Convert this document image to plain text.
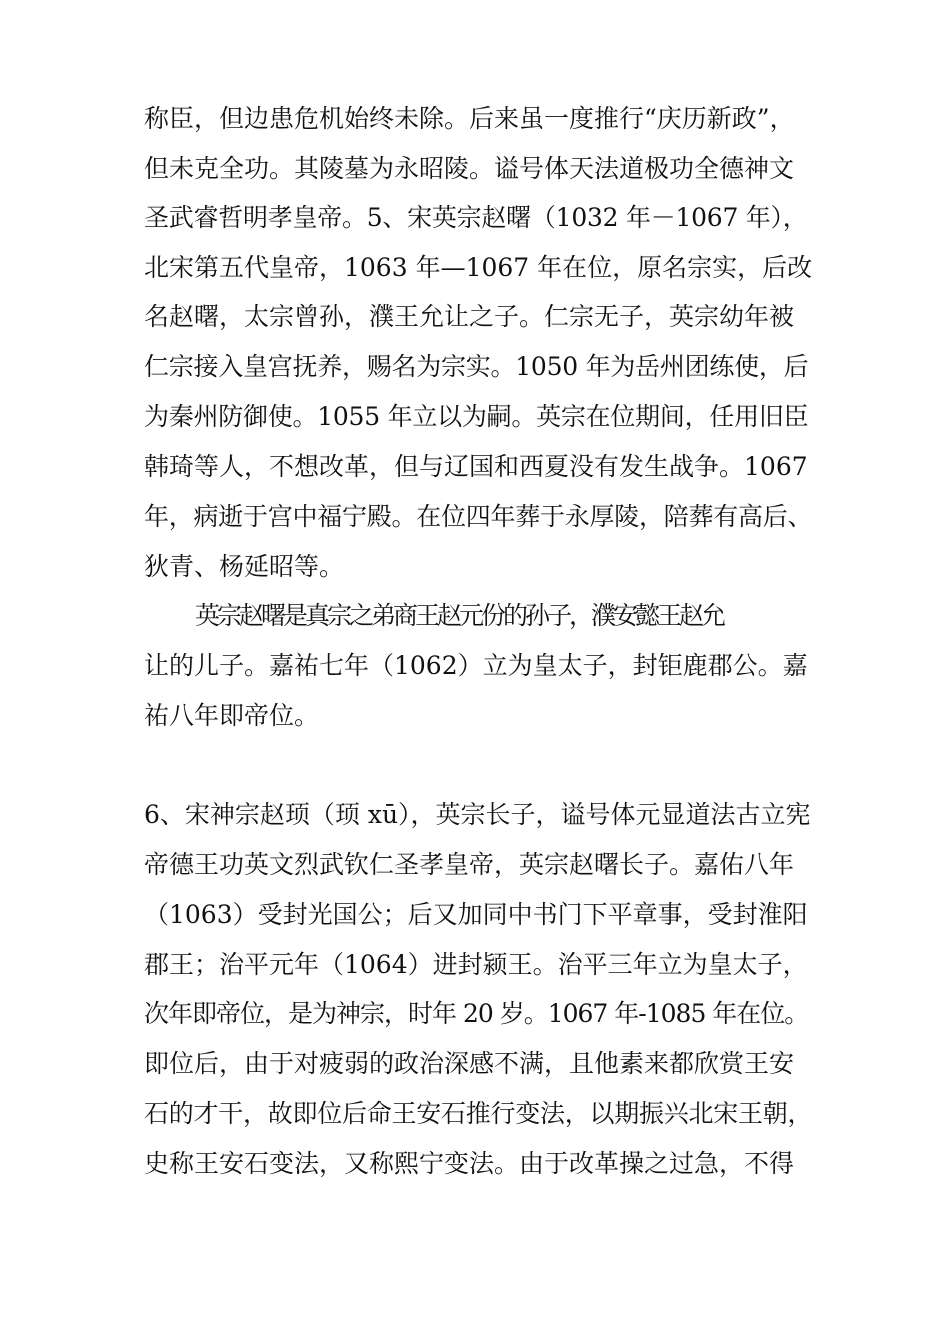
称臣，但边患危机始终未除。后来虽一度推行“庆历新政”，
但未克全功。其陵墓为永昭陵。谥号体天法道极功全德神文
圣武睿哲明孝皇帝。5、宋英宗赵曙（1032 年－1067 年），
北宋第五代皇帝，1063 年—1067 年在位，原名宗实，后改
名赵曙，太宗曾孙，濮王允让之子。仁宗无子，英宗幼年被
仁宗接入皇宫抚养，赐名为宗实。1050 年为岳州团练使，后
为秦州防御使。1055 年立以为嗣。英宗在位期间，任用旧臣
韩琦等人，不想改革，但与辽国和西夏没有发生战争。1067
年，病逝于宫中福宁殿。在位四年葬于永厚陵，陪葬有高后、
狄青、杨延昭等。
英宗赵曙是真宗之弟商王赵元份的孙子，濮安懿王赵允
让的儿子。嘉祐七年（1062）立为皇太子，封钜鹿郡公。嘉
祐八年即帝位。
6、宋神宗赵顼（顼 xū），英宗长子，谥号体元显道法古立宪
帝德王功英文烈武钦仁圣孝皇帝，英宗赵曙长子。嘉佑八年
（1063）受封光国公；后又加同中书门下平章事，受封淮阳
郡王；治平元年（1064）进封颍王。治平三年立为皇太子，
次年即帝位，是为神宗，时年 20 岁。1067 年-1085 年在位。
即位后，由于对疲弱的政治深感不满，且他素来都欣赏王安
石的才干，故即位后命王安石推行变法，以期振兴北宋王朝，
史称王安石变法，又称熙宁变法。由于改革操之过急，不得
